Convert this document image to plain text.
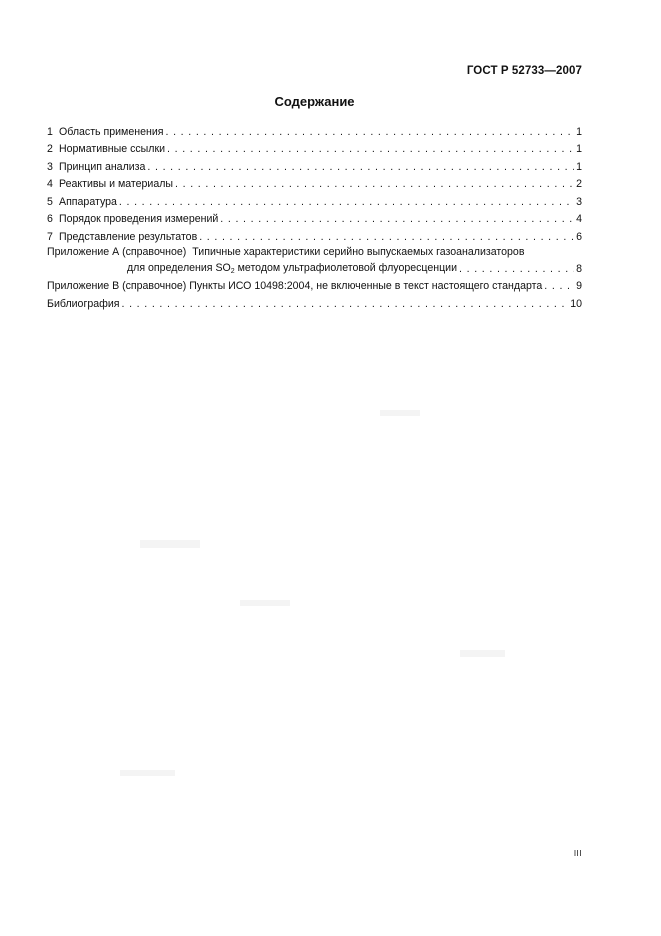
ГОСТ Р 52733—2007
Содержание
1 Область применения . . .	1
2 Нормативные ссылки . . .	1
3 Принцип анализа . . .	1
4 Реактивы и материалы . . .	2
5 Аппаратура . . .	3
6 Порядок проведения измерений . . .	4
7 Представление результатов . . .	6
Приложение А (справочное) Типичные характеристики серийно выпускаемых газоанализаторов
для определения $SO_2$ методом ультрафиолетовой флуоресценции . . .	8
Приложение В (справочное) Пункты ИСО 10498:2004, не включенные в текст настоящего стандарта . . .	9
Библиография . . .	10
III
